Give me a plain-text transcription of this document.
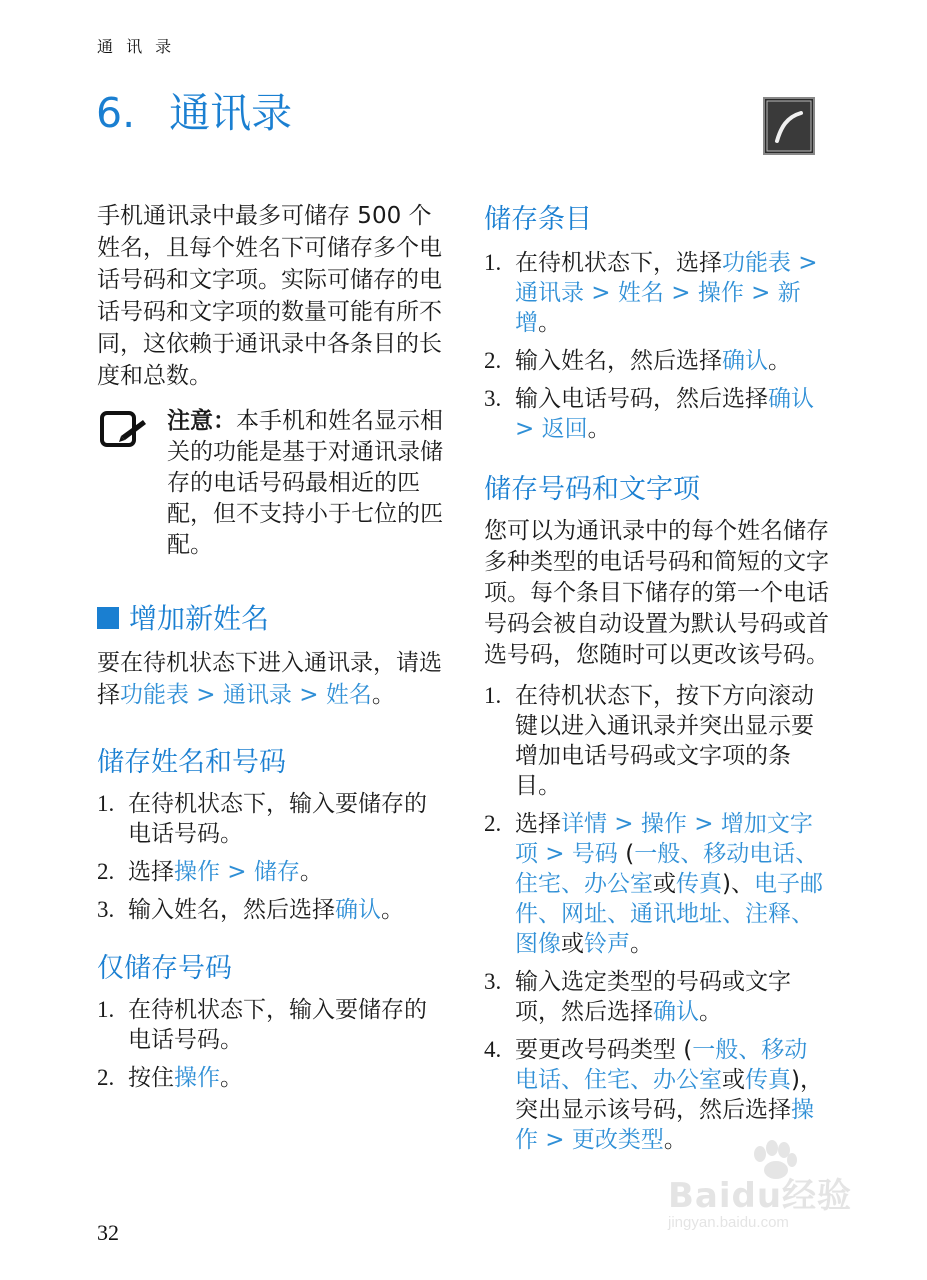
通 讯 录
6. 通讯录

手机通讯录中最多可储存 500 个姓名，且每个姓名下可储存多个电话号码和文字项。实际可储存的电话号码和文字项的数量可能有所不同，这依赖于通讯录中各条目的长度和总数。

注意：本手机和姓名显示相关的功能是基于对通讯录储存的电话号码最相近的匹配，但不支持小于七位的匹配。

增加新姓名

要在待机状态下进入通讯录，请选择功能表 > 通讯录 > 姓名。

储存姓名和号码
1. 在待机状态下，输入要储存的电话号码。
2. 选择操作 > 储存。
3. 输入姓名，然后选择确认。
仅储存号码
1. 在待机状态下，输入要储存的电话号码。
2. 按住操作。
储存条目
1. 在待机状态下，选择功能表 > 通讯录 > 姓名 > 操作 > 新增。
2. 输入姓名，然后选择确认。
3. 输入电话号码，然后选择确认 > 返回。
储存号码和文字项

您可以为通讯录中的每个姓名储存多种类型的电话号码和简短的文字项。每个条目下储存的第一个电话号码会被自动设置为默认号码或首选号码，您随时可以更改该号码。

1. 在待机状态下，按下方向滚动键以进入通讯录并突出显示要增加电话号码或文字项的条目。
2. 选择详情 > 操作 > 增加文字项 > 号码 (一般、移动电话、住宅、办公室或传真)、电子邮件、网址、通讯地址、注释、图像或铃声。
3. 输入选定类型的号码或文字项，然后选择确认。
4. 要更改号码类型 (一般、移动电话、住宅、办公室或传真)，突出显示该号码，然后选择操作 > 更改类型。
32
Baidu经验
jingyan.baidu.com
